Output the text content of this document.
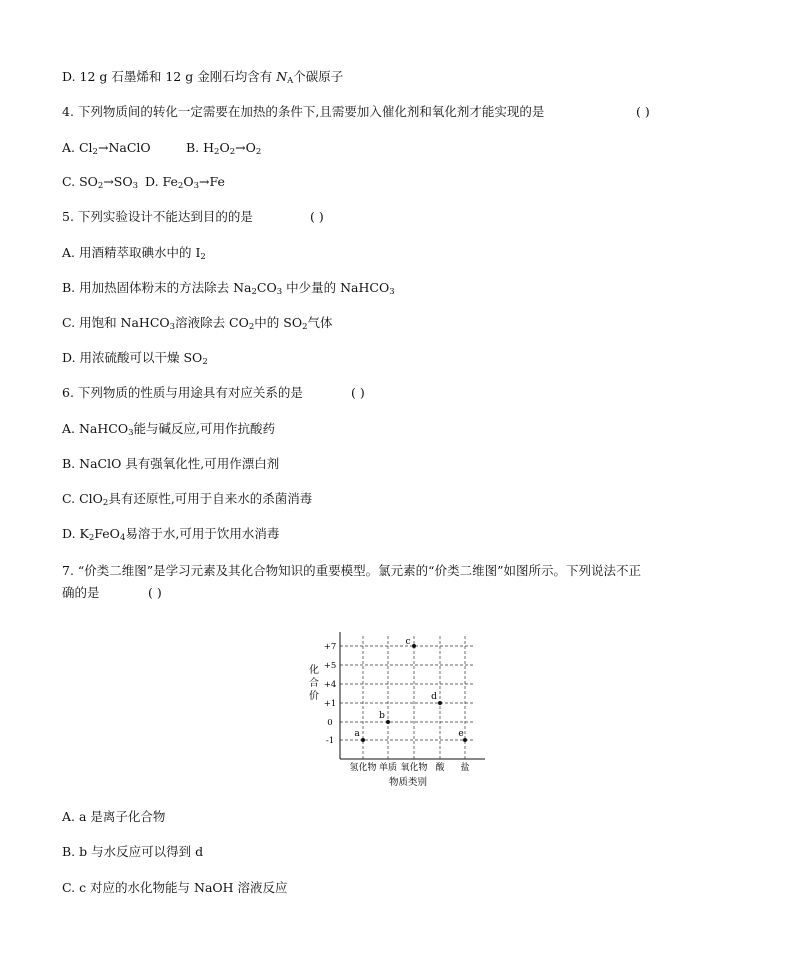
D. 12 g 石墨烯和 12 g 金刚石均含有 $N_A$个碳原子
4. 下列物质间的转化一定需要在加热的条件下,且需要加入催化剂和氧化剂才能实现的是	( )
A. $Cl_2\to NaClO$	B. $H_2O_2\to O_2$
C. $SO_2\to SO_3$ D. $Fe_2O_3\to Fe$
5. 下列实验设计不能达到目的的是	( )
A. 用酒精萃取碘水中的 $I_2$
B. 用加热固体粉末的方法除去 $Na_2CO_3$ 中少量的 NaHCO$_3$
C. 用饱和 NaHCO$_3$溶液除去 $CO_2$中的 $SO_2$气体
D. 用浓硫酸可以干燥 $SO_2$
6. 下列物质的性质与用途具有对应关系的是	( )
A. NaHCO$_3$能与碱反应,可用作抗酸药
B. NaClO 具有强氧化性,可用作漂白剂
C. ClO$_2$具有还原性,可用于自来水的杀菌消毒
D. $K_2FeO_4$易溶于水,可用于饮用水消毒
7. “价类二维图”是学习元素及其化合物知识的重要模型。氯元素的“价类二维图”如图所示。下列说法不正
确的是	( )
化
合
价
+7
+5
+4
+1
0
-1
氢化物 单质 氧化物 酸 盐
a
b
c
d
e
物质类别
A. a 是离子化合物
B. b 与水反应可以得到 d
C. c 对应的水化物能与 NaOH 溶液反应
